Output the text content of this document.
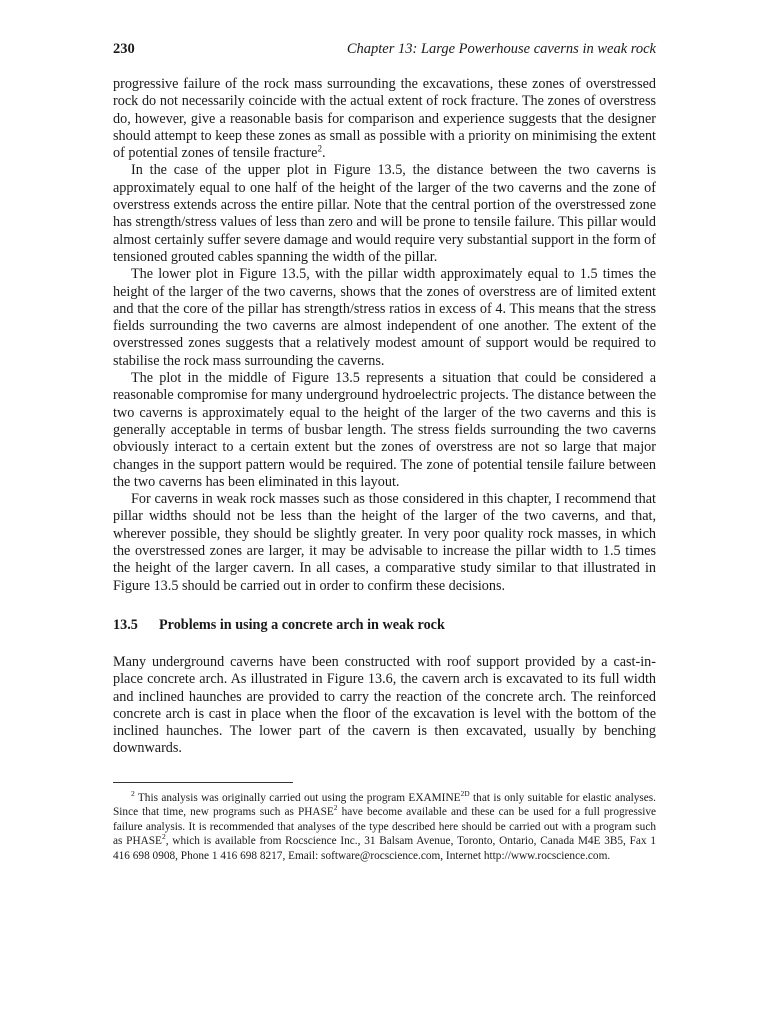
230	Chapter 13: Large Powerhouse caverns in weak rock

progressive failure of the rock mass surrounding the excavations, these zones of overstressed rock do not necessarily coincide with the actual extent of rock fracture. The zones of overstress do, however, give a reasonable basis for comparison and experience suggests that the designer should attempt to keep these zones as small as possible with a priority on minimising the extent of potential zones of tensile fracture$^2$.

In the case of the upper plot in Figure 13.5, the distance between the two caverns is approximately equal to one half of the height of the larger of the two caverns and the zone of overstress extends across the entire pillar. Note that the central portion of the overstressed zone has strength/stress values of less than zero and will be prone to tensile failure. This pillar would almost certainly suffer severe damage and would require very substantial support in the form of tensioned grouted cables spanning the width of the pillar.

The lower plot in Figure 13.5, with the pillar width approximately equal to 1.5 times the height of the larger of the two caverns, shows that the zones of overstress are of limited extent and that the core of the pillar has strength/stress ratios in excess of 4. This means that the stress fields surrounding the two caverns are almost independent of one another. The extent of the overstressed zones suggests that a relatively modest amount of support would be required to stabilise the rock mass surrounding the caverns.

The plot in the middle of Figure 13.5 represents a situation that could be considered a reasonable compromise for many underground hydroelectric projects. The distance between the two caverns is approximately equal to the height of the larger of the two caverns and this is generally acceptable in terms of busbar length. The stress fields surrounding the two caverns obviously interact to a certain extent but the zones of overstress are not so large that major changes in the support pattern would be required. The zone of potential tensile failure between the two caverns has been eliminated in this layout.

For caverns in weak rock masses such as those considered in this chapter, I recommend that pillar widths should not be less than the height of the larger of the two caverns, and that, wherever possible, they should be slightly greater. In very poor quality rock masses, in which the overstressed zones are larger, it may be advisable to increase the pillar width to 1.5 times the height of the larger cavern. In all cases, a comparative study similar to that illustrated in Figure 13.5 should be carried out in order to confirm these decisions.

13.5	Problems in using a concrete arch in weak rock

Many underground caverns have been constructed with roof support provided by a cast-in-place concrete arch. As illustrated in Figure 13.6, the cavern arch is excavated to its full width and inclined haunches are provided to carry the reaction of the concrete arch. The reinforced concrete arch is cast in place when the floor of the excavation is level with the bottom of the inclined haunches. The lower part of the cavern is then excavated, usually by benching downwards.

$^2$ This analysis was originally carried out using the program $EXAMINE^{2D}$ that is only suitable for elastic analyses. Since that time, new programs such as PHASE$^2$ have become available and these can be used for a full progressive failure analysis. It is recommended that analyses of the type described here should be carried out with a program such as PHASE$^2$, which is available from Rocscience Inc., 31 Balsam Avenue, Toronto, Ontario, Canada M4E 3B5, Fax 1 416 698 0908, Phone 1 416 698 8217, Email: software@rocscience.com, Internet http://www.rocscience.com.
